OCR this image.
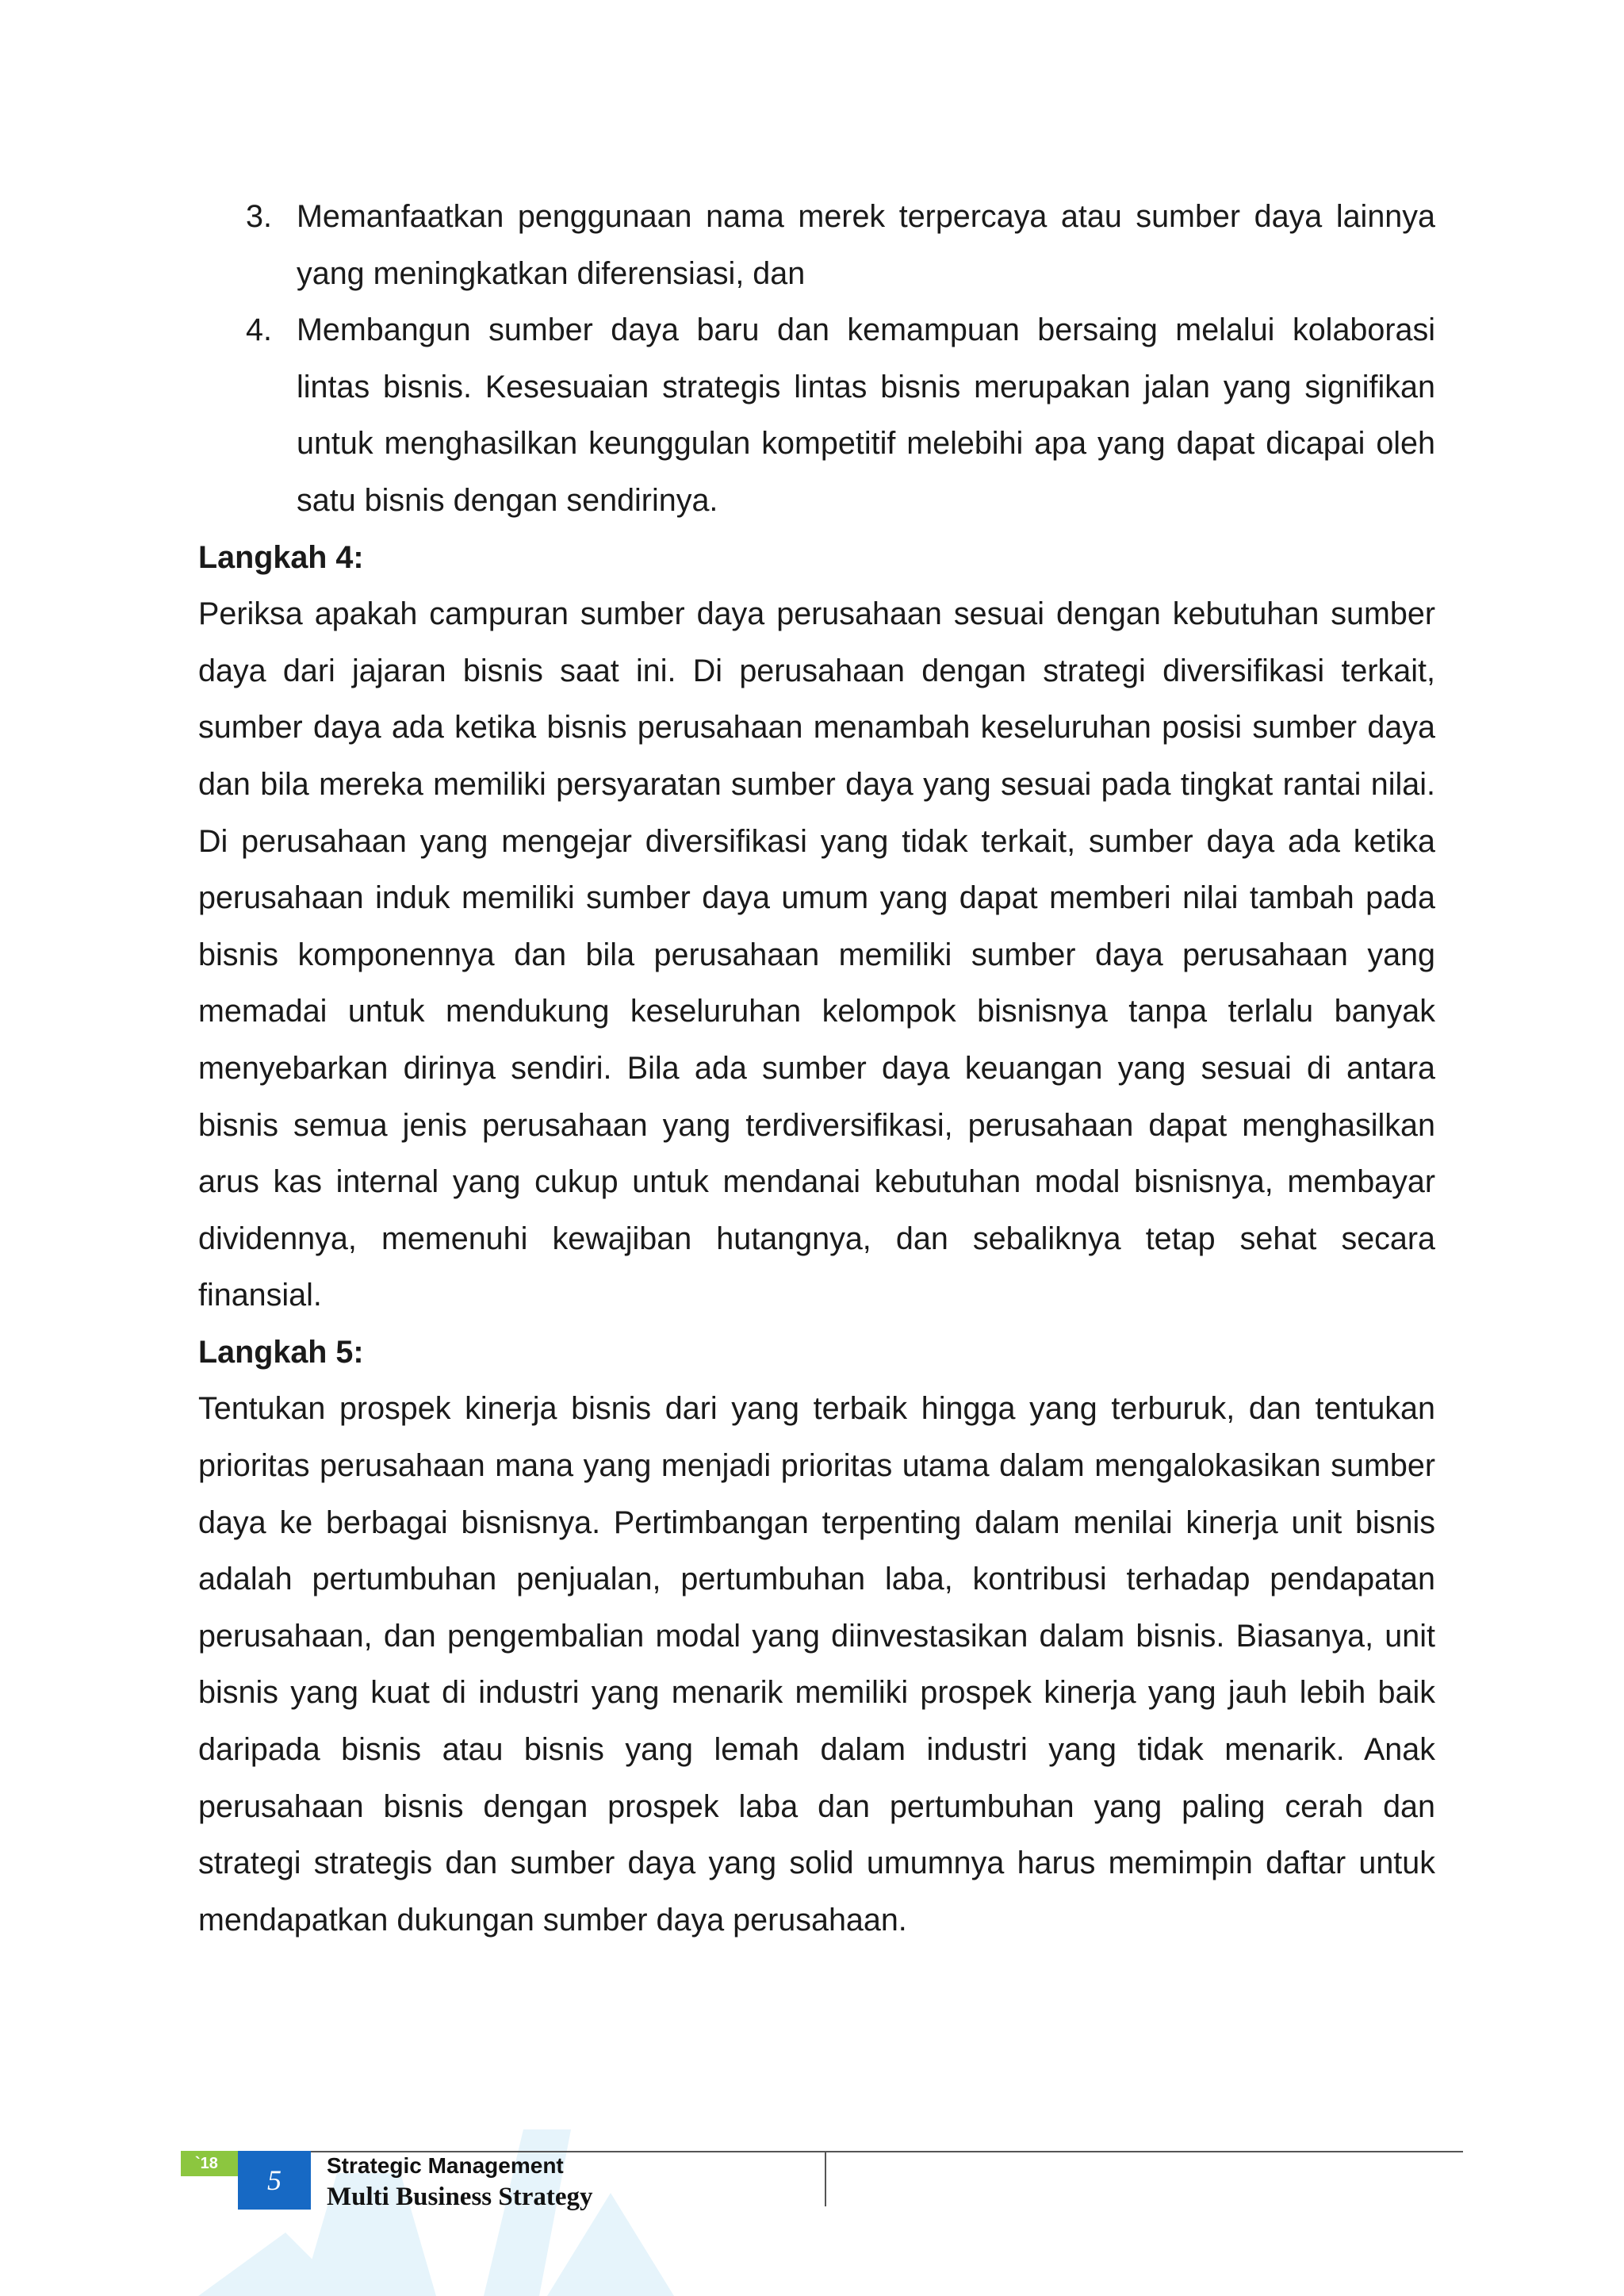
3. Memanfaatkan penggunaan nama merek terpercaya atau sumber daya lainnya yang meningkatkan diferensiasi, dan
4. Membangun sumber daya baru dan kemampuan bersaing melalui kolaborasi lintas bisnis. Kesesuaian strategis lintas bisnis merupakan jalan yang signifikan untuk menghasilkan keunggulan kompetitif melebihi apa yang dapat dicapai oleh satu bisnis dengan sendirinya.

Langkah 4:

Periksa apakah campuran sumber daya perusahaan sesuai dengan kebutuhan sumber daya dari jajaran bisnis saat ini. Di perusahaan dengan strategi diversifikasi terkait, sumber daya ada ketika bisnis perusahaan menambah keseluruhan posisi sumber daya dan bila mereka memiliki persyaratan sumber daya yang sesuai pada tingkat rantai nilai. Di perusahaan yang mengejar diversifikasi yang tidak terkait, sumber daya ada ketika perusahaan induk memiliki sumber daya umum yang dapat memberi nilai tambah pada bisnis komponennya dan bila perusahaan memiliki sumber daya perusahaan yang memadai untuk mendukung keseluruhan kelompok bisnisnya tanpa terlalu banyak menyebarkan dirinya sendiri. Bila ada sumber daya keuangan yang sesuai di antara bisnis semua jenis perusahaan yang terdiversifikasi, perusahaan dapat menghasilkan arus kas internal yang cukup untuk mendanai kebutuhan modal bisnisnya, membayar dividennya, memenuhi kewajiban hutangnya, dan sebaliknya tetap sehat secara finansial.

Langkah 5:

Tentukan prospek kinerja bisnis dari yang terbaik hingga yang terburuk, dan tentukan prioritas perusahaan mana yang menjadi prioritas utama dalam mengalokasikan sumber daya ke berbagai bisnisnya. Pertimbangan terpenting dalam menilai kinerja unit bisnis adalah pertumbuhan penjualan, pertumbuhan laba, kontribusi terhadap pendapatan perusahaan, dan pengembalian modal yang diinvestasikan dalam bisnis. Biasanya, unit bisnis yang kuat di industri yang menarik memiliki prospek kinerja yang jauh lebih baik daripada bisnis atau bisnis yang lemah dalam industri yang tidak menarik. Anak perusahaan bisnis dengan prospek laba dan pertumbuhan yang paling cerah dan strategi strategis dan sumber daya yang solid umumnya harus memimpin daftar untuk mendapatkan dukungan sumber daya perusahaan.

`18
5	Strategic Management
Multi Business Strategy
